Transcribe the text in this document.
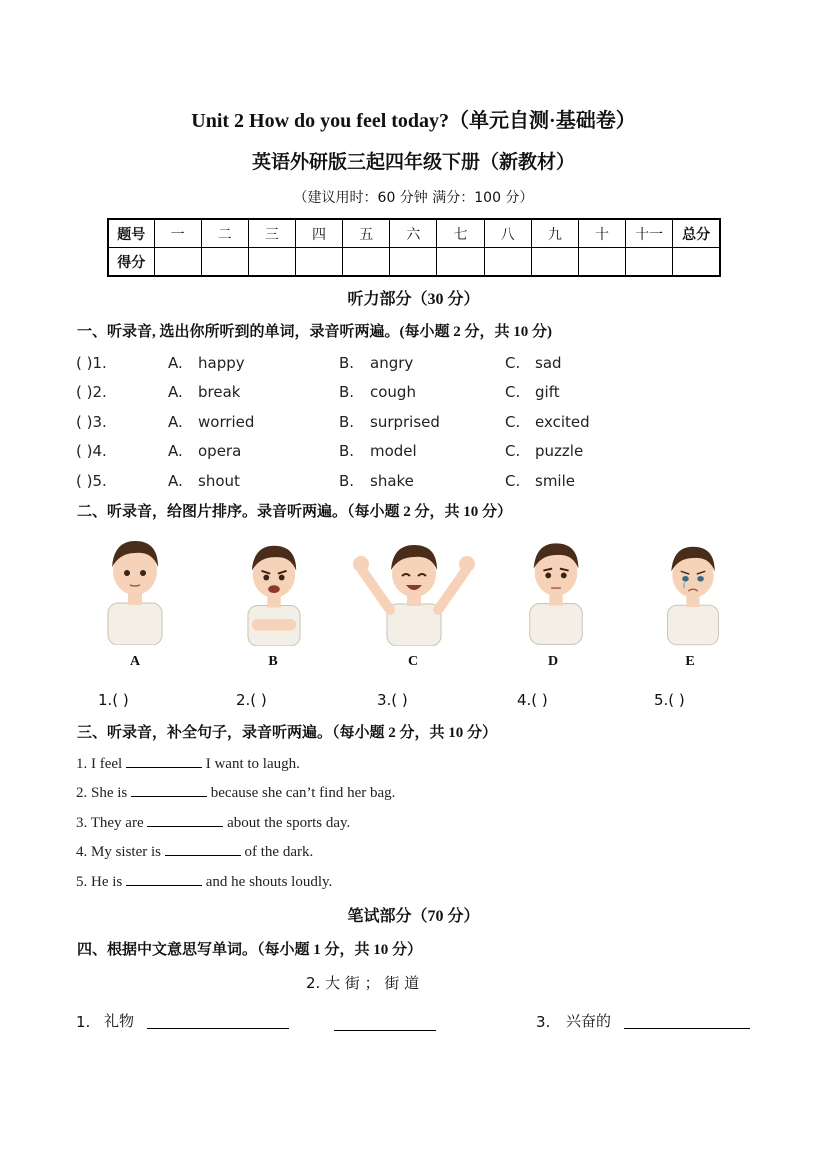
Unit 2 How do you feel today?（单元自测·基础卷）
英语外研版三起四年级下册（新教材）
（建议用时：60 分钟 满分：100 分）
题号	一	二	三	四	五	六	七	八	九	十	十一	总分
得分												
听力部分（30 分）
一、听录音, 选出你所听到的单词，录音听两遍。(每小题 2 分，共 10 分)
( )1.	A. happy	B. angry	C. sad
( )2.	A. break	B. cough	C. gift
( )3.	A. worried	B. surprised	C. excited
( )4.	A. opera	B. model	C. puzzle
( )5.	A. shout	B. shake	C. smile
二、听录音，给图片排序。录音听两遍。（每小题 2 分，共 10 分）
A	B	C	D	E
1.( )	2.( )	3.( )	4.( )	5.( )
三、听录音，补全句子，录音听两遍。（每小题 2 分，共 10 分）
1. I feel	I want to laugh.
2. She is	because she can’t find her bag.
3. They are	about the sports day.
4. My sister is	of the dark.
5. He is	and he shouts loudly.
笔试部分（70 分）
四、根据中文意思写单词。（每小题 1 分，共 10 分）
2. 大 街 ； 街 道
1. 礼物	3. 兴奋的
